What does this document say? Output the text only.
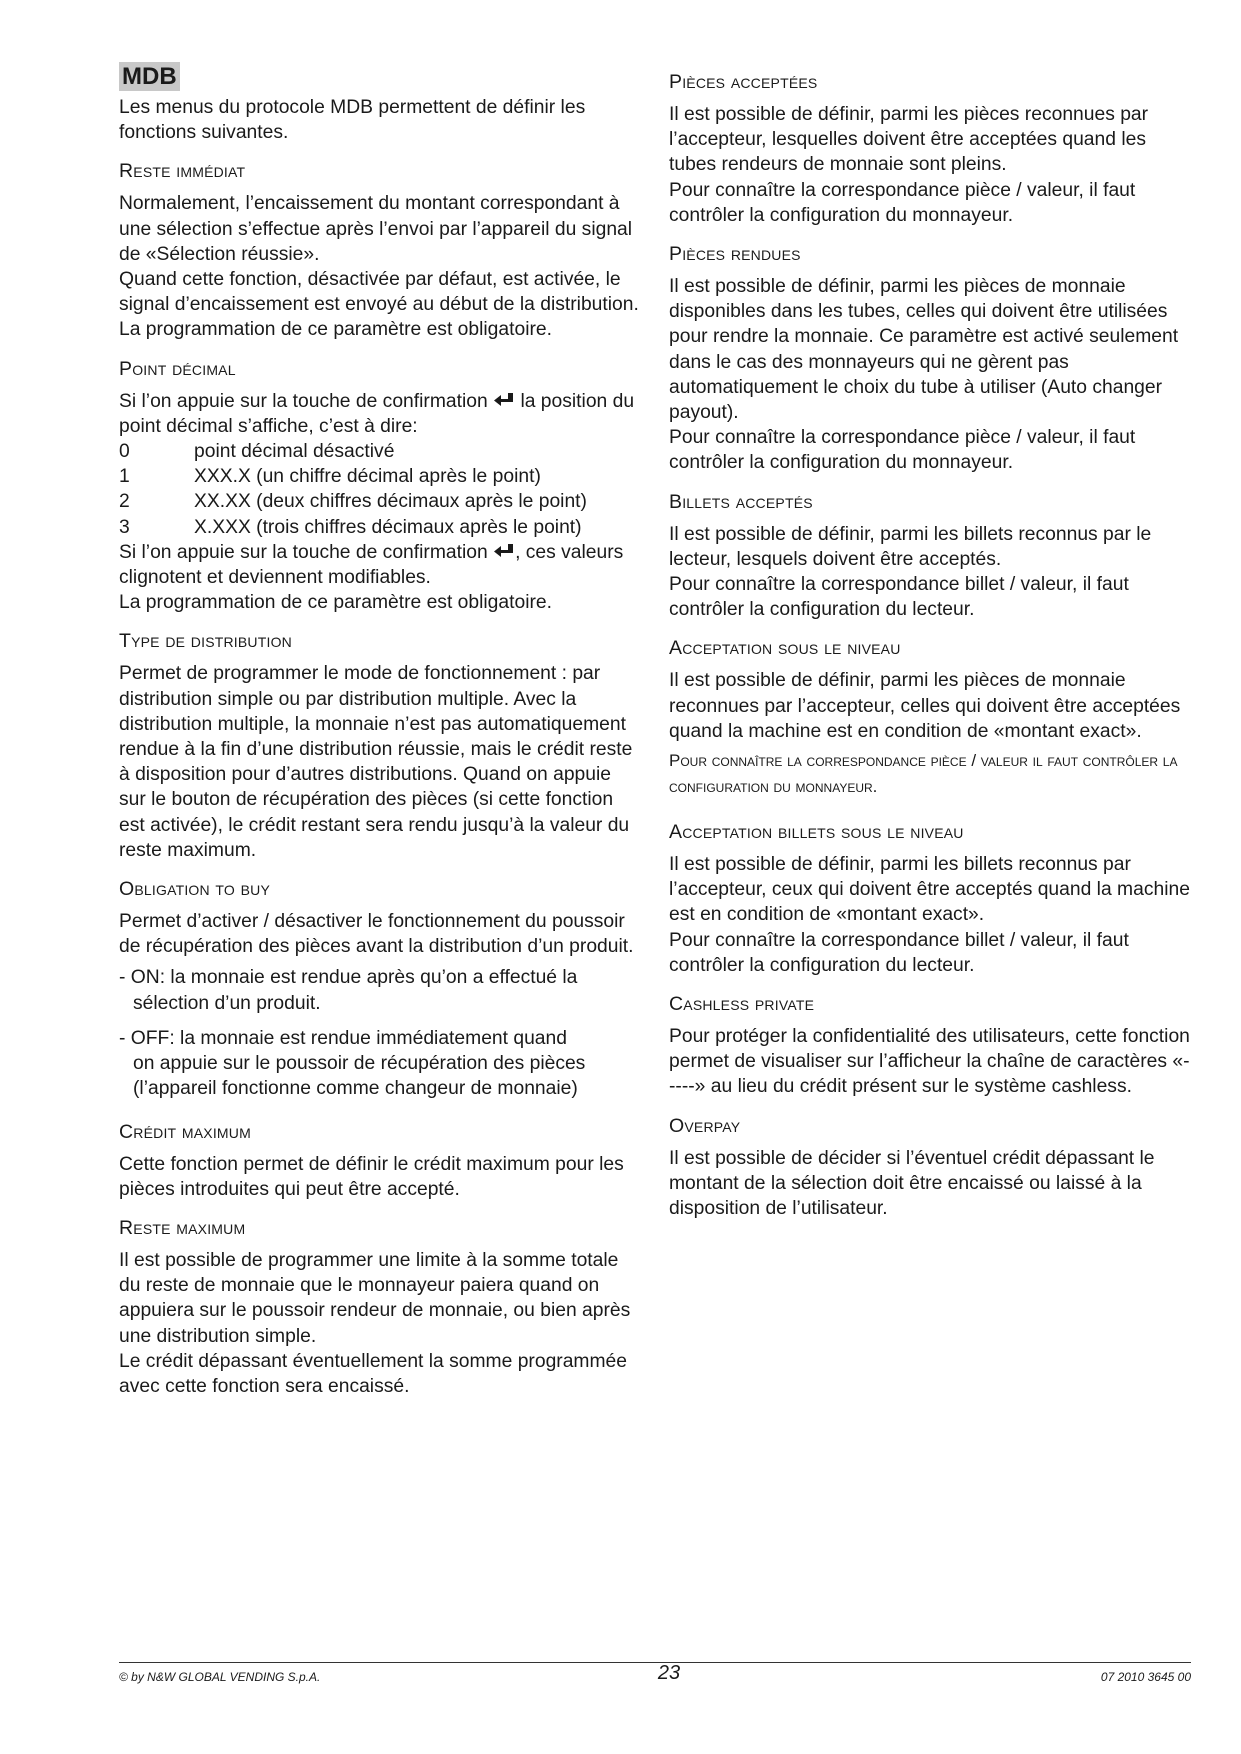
MDB

Les menus du protocole MDB permettent de définir les fonctions suivantes.

Reste immédiat

Normalement, l’encaissement du montant correspondant à une sélection s’effectue après l’envoi par l’appareil du signal de «Sélection réussie».

Quand cette fonction, désactivée par défaut, est activée, le signal d’encaissement est envoyé au début de la distribution. La programmation de ce paramètre est obligatoire.

Point décimal

Si l’on appuie sur la touche de confirmation la position du point décimal s’affiche, c’est à dire:

0	point décimal désactivé
1	XXX.X (un chiffre décimal après le point)
2	XX.XX (deux chiffres décimaux après le point)
3	X.XXX (trois chiffres décimaux après le point)

Si l’on appuie sur la touche de confirmation , ces valeurs clignotent et deviennent modifiables.

La programmation de ce paramètre est obligatoire.

Type de distribution

Permet de programmer le mode de fonctionnement : par distribution simple ou par distribution multiple. Avec la distribution multiple, la monnaie n’est pas automatiquement rendue à la fin d’une distribution réussie, mais le crédit reste à disposition pour d’autres distributions. Quand on appuie sur le bouton de récupération des pièces (si cette fonction est activée), le crédit restant sera rendu jusqu’à la valeur du reste maximum.

Obligation to buy

Permet d’activer / désactiver le fonctionnement du poussoir de récupération des pièces avant la distribution d’un produit.

- ON: la monnaie est rendue après qu’on a effectué la
sélection d’un produit.
- OFF: la monnaie est rendue immédiatement quand
on appuie sur le poussoir de récupération des pièces
(l’appareil fonctionne comme changeur de monnaie)
Crédit maximum

Cette fonction permet de définir le crédit maximum pour les pièces introduites qui peut être accepté.

Reste maximum

Il est possible de programmer une limite à la somme totale du reste de monnaie que le monnayeur paiera quand on appuiera sur le poussoir rendeur de monnaie, ou bien après une distribution simple.

Le crédit dépassant éventuellement la somme programmée avec cette fonction sera encaissé.

Pièces acceptées

Il est possible de définir, parmi les pièces reconnues par l’accepteur, lesquelles doivent être acceptées quand les tubes rendeurs de monnaie sont pleins.

Pour connaître la correspondance pièce / valeur, il faut contrôler la configuration du monnayeur.

Pièces rendues

Il est possible de définir, parmi les pièces de monnaie disponibles dans les tubes, celles qui doivent être utilisées pour rendre la monnaie. Ce paramètre est activé seulement dans le cas des monnayeurs qui ne gèrent pas automatiquement le choix du tube à utiliser (Auto changer payout).

Pour connaître la correspondance pièce / valeur, il faut contrôler la configuration du monnayeur.

Billets acceptés

Il est possible de définir, parmi les billets reconnus par le lecteur, lesquels doivent être acceptés.

Pour connaître la correspondance billet / valeur, il faut contrôler la configuration du lecteur.

Acceptation sous le niveau

Il est possible de définir, parmi les pièces de monnaie reconnues par l’accepteur, celles qui doivent être acceptées quand la machine est en condition de «montant exact».

Pour connaître la correspondance pièce / valeur il faut contrôler la configuration du monnayeur.
Acceptation billets sous le niveau

Il est possible de définir, parmi les billets reconnus par l’accepteur, ceux qui doivent être acceptés quand la machine est en condition de «montant exact».

Pour connaître la correspondance billet / valeur, il faut contrôler la configuration du lecteur.

Cashless private

Pour protéger la confidentialité des utilisateurs, cette fonction permet de visualiser sur l’afficheur la chaîne de caractères «-----» au lieu du crédit présent sur le système cashless.

Overpay

Il est possible de décider si l’éventuel crédit dépassant le montant de la sélection doit être encaissé ou laissé à la disposition de l’utilisateur.

© by N&W GLOBAL VENDING S.p.A.	23	07 2010 3645 00
